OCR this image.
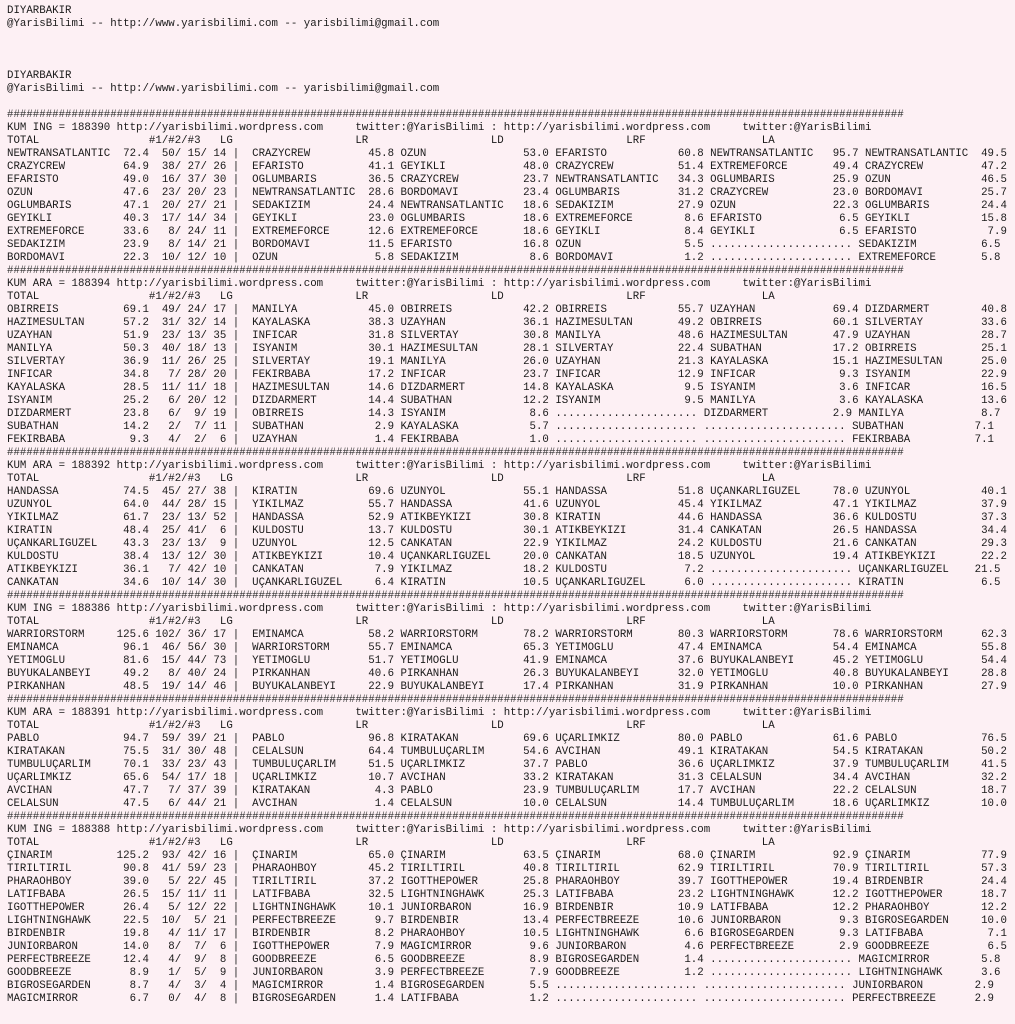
DIYARBAKIR
@YarisBilimi -- http://www.yarisbilimi.com -- yarisbilimi@gmail.com
DIYARBAKIR
@YarisBilimi -- http://www.yarisbilimi.com -- yarisbilimi@gmail.com
###########################################################################################################################################
KUM ING = 188390 http://yarisbilimi.wordpress.com     twitter:@YarisBilimi : http://yarisbilimi.wordpress.com     twitter:@YarisBilimi
TOTAL                 #1/#2/#3   LG                   LR                   LD                   LRF                  LA
NEWTRANSATLANTIC  72.4  50/ 15/ 14 |  CRAZYCREW         45.8 ÖZÜN               53.0 EFARISTO           60.8 NEWTRANSATLANTIC   95.7 NEWTRANSATLANTIC  49.5
CRAZYCREW         64.9  38/ 27/ 26 |  EFARISTO          41.1 GEYIKLI            48.0 CRAZYCREW          51.4 EXTREMEFORCE       49.4 CRAZYCREW         47.2
EFARISTO          49.0  16/ 37/ 30 |  OGLUMBARIS        36.5 CRAZYCREW          23.7 NEWTRANSATLANTIC   34.3 OGLUMBARIS         25.9 ÖZÜN              46.5
ÖZÜN              47.6  23/ 20/ 23 |  NEWTRANSATLANTIC  28.6 BORDOMAVI          23.4 OGLUMBARIS         31.2 CRAZYCREW          23.0 BORDOMAVI         25.7
OGLUMBARIS        47.1  20/ 27/ 21 |  SEDAKIZIM         24.4 NEWTRANSATLANTIC   18.6 SEDAKIZIM          27.9 ÖZÜN               22.3 OGLUMBARIS        24.4
GEYIKLI           40.3  17/ 14/ 34 |  GEYIKLI           23.0 OGLUMBARIS         18.6 EXTREMEFORCE        8.6 EFARISTO            6.5 GEYIKLI           15.8
EXTREMEFORCE      33.6   8/ 24/ 11 |  EXTREMEFORCE      12.6 EXTREMEFORCE       18.6 GEYIKLI             8.4 GEYIKLI             6.5 EFARISTO           7.9
SEDAKIZIM         23.9   8/ 14/ 21 |  BORDOMAVI         11.5 EFARISTO           16.8 ÖZÜN                5.5 ...................... SEDAKIZIM          6.5
BORDOMAVI         22.3  10/ 12/ 10 |  ÖZÜN               5.8 SEDAKIZIM           8.6 BORDOMAVI           1.2 ...................... EXTREMEFORCE       5.8
###########################################################################################################################################
KUM ARA = 188394 http://yarisbilimi.wordpress.com     twitter:@YarisBilimi : http://yarisbilimi.wordpress.com     twitter:@YarisBilimi
TOTAL                 #1/#2/#3   LG                   LR                   LD                   LRF                  LA
OBIRREIS          69.1  49/ 24/ 17 |  MANILYA           45.0 OBIRREIS           42.2 OBIRREIS           55.7 UZAYHAN            69.4 DIZDARMERT        40.8
HAZIMESULTAN      57.2  31/ 32/ 14 |  KAYALASKA         38.3 UZAYHAN            36.1 HAZIMESULTAN       49.2 OBIRREIS           60.1 SILVERTAY         33.6
UZAYHAN           51.9  23/ 13/ 35 |  INFICAR           31.8 SILVERTAY          30.8 MANILYA            48.6 HAZIMESULTAN       47.9 UZAYHAN           28.7
MANILYA           50.3  40/ 18/ 13 |  ISYANIM           30.1 HAZIMESULTAN       28.1 SILVERTAY          22.4 SUBATHAN           17.2 OBIRREIS          25.1
SILVERTAY         36.9  11/ 26/ 25 |  SILVERTAY         19.1 MANILYA            26.0 UZAYHAN            21.3 KAYALASKA          15.1 HAZIMESULTAN      25.0
INFICAR           34.8   7/ 28/ 20 |  FEKIRBABA         17.2 INFICAR            23.7 INFICAR            12.9 INFICAR             9.3 ISYANIM           22.9
KAYALASKA         28.5  11/ 11/ 18 |  HAZIMESULTAN      14.6 DIZDARMERT         14.8 KAYALASKA           9.5 ISYANIM             3.6 INFICAR           16.5
ISYANIM           25.2   6/ 20/ 12 |  DIZDARMERT        14.4 SUBATHAN           12.2 ISYANIM             9.5 MANILYA             3.6 KAYALASKA         13.6
DIZDARMERT        23.8   6/  9/ 19 |  OBIRREIS          14.3 ISYANIM             8.6 ...................... DIZDARMERT          2.9 MANILYA            8.7
SUBATHAN          14.2   2/  7/ 11 |  SUBATHAN           2.9 KAYALASKA           5.7 ...................... ...................... SUBATHAN           7.1
FEKIRBABA          9.3   4/  2/  6 |  UZAYHAN            1.4 FEKIRBABA           1.0 ...................... ...................... FEKIRBABA          7.1
###########################################################################################################################################
KUM ARA = 188392 http://yarisbilimi.wordpress.com     twitter:@YarisBilimi : http://yarisbilimi.wordpress.com     twitter:@YarisBilimi
TOTAL                 #1/#2/#3   LG                   LR                   LD                   LRF                  LA
HANDASSA          74.5  45/ 27/ 38 |  KIRATIN           69.6 UZUNYOL            55.1 HANDASSA           51.8 UÇANKARLIGÜZEL     78.0 UZUNYOL           40.1
UZUNYOL           64.0  44/ 28/ 15 |  YIKILMAZ          55.7 HANDASSA           41.6 UZUNYOL            45.4 YIKILMAZ           47.1 YIKILMAZ          37.9
YIKILMAZ          61.7  23/ 13/ 52 |  HANDASSA          52.9 ATIKBEYKIZI        30.8 KIRATIN            44.6 HANDASSA           36.6 KULDOSTU          37.3
KIRATIN           48.4  25/ 41/  6 |  KULDOSTU          13.7 KULDOSTU           30.1 ATIKBEYKIZI        31.4 CANKATAN           26.5 HANDASSA          34.4
UÇANKARLIGÜZEL    43.3  23/ 13/  9 |  UZUNYOL           12.5 CANKATAN           22.9 YIKILMAZ           24.2 KULDOSTU           21.6 CANKATAN          29.3
KULDOSTU          38.4  13/ 12/ 30 |  ATIKBEYKIZI       10.4 UÇANKARLIGÜZEL     20.0 CANKATAN           18.5 UZUNYOL            19.4 ATIKBEYKIZI       22.2
ATIKBEYKIZI       36.1   7/ 42/ 10 |  CANKATAN           7.9 YIKILMAZ           18.2 KULDOSTU            7.2 ...................... UÇANKARLIGÜZEL    21.5
CANKATAN          34.6  10/ 14/ 30 |  UÇANKARLIGÜZEL     6.4 KIRATIN            10.5 UÇANKARLIGÜZEL      6.0 ...................... KIRATIN            6.5
###########################################################################################################################################
KUM ING = 188386 http://yarisbilimi.wordpress.com     twitter:@YarisBilimi : http://yarisbilimi.wordpress.com     twitter:@YarisBilimi
TOTAL                 #1/#2/#3   LG                   LR                   LD                   LRF                  LA
WARRIORSTORM     125.6 102/ 36/ 17 |  EMINAMCA          58.2 WARRIORSTORM       78.2 WARRIORSTORM       80.3 WARRIORSTORM       78.6 WARRIORSTORM      62.3
EMINAMCA          96.1  46/ 56/ 30 |  WARRIORSTORM      55.7 EMINAMCA           65.3 YETIMOGLU          47.4 EMINAMCA           54.4 EMINAMCA          55.8
YETIMOGLU         81.6  15/ 44/ 73 |  YETIMOGLU         51.7 YETIMOGLU          41.9 EMINAMCA           37.6 BÜYÜKALANBEYI      45.2 YETIMOGLU         54.4
BÜYÜKALANBEYI     49.2   8/ 40/ 24 |  PIRKANHAN         40.6 PIRKANHAN          26.3 BÜYÜKALANBEYI      32.0 YETIMOGLU          40.8 BÜYÜKALANBEYI     28.8
PIRKANHAN         48.5  19/ 14/ 46 |  BÜYÜKALANBEYI     22.9 BÜYÜKALANBEYI      17.4 PIRKANHAN          31.9 PIRKANHAN          10.0 PIRKANHAN         27.9
###########################################################################################################################################
KUM ARA = 188391 http://yarisbilimi.wordpress.com     twitter:@YarisBilimi : http://yarisbilimi.wordpress.com     twitter:@YarisBilimi
TOTAL                 #1/#2/#3   LG                   LR                   LD                   LRF                  LA
PABLO             94.7  59/ 39/ 21 |  PABLO             96.8 KIRATAKAN          69.6 UÇARLIMKIZ         80.0 PABLO              61.6 PABLO             76.5
KIRATAKAN         75.5  31/ 30/ 48 |  CELALSUN          64.4 TUMBULUÇARLIM      54.6 AVCIHAN            49.1 KIRATAKAN          54.5 KIRATAKAN         50.2
TUMBULUÇARLIM     70.1  33/ 23/ 43 |  TUMBULUÇARLIM     51.5 UÇARLIMKIZ         37.7 PABLO              36.6 UÇARLIMKIZ         37.9 TUMBULUÇARLIM     41.5
UÇARLIMKIZ        65.6  54/ 17/ 18 |  UÇARLIMKIZ        10.7 AVCIHAN            33.2 KIRATAKAN          31.3 CELALSUN           34.4 AVCIHAN           32.2
AVCIHAN           47.7   7/ 37/ 39 |  KIRATAKAN          4.3 PABLO              23.9 TUMBULUÇARLIM      17.7 AVCIHAN            22.2 CELALSUN          18.7
CELALSUN          47.5   6/ 44/ 21 |  AVCIHAN            1.4 CELALSUN           10.0 CELALSUN           14.4 TUMBULUÇARLIM      18.6 UÇARLIMKIZ        10.0
###########################################################################################################################################
KUM ING = 188388 http://yarisbilimi.wordpress.com     twitter:@YarisBilimi : http://yarisbilimi.wordpress.com     twitter:@YarisBilimi
TOTAL                 #1/#2/#3   LG                   LR                   LD                   LRF                  LA
ÇINARIM          125.2  93/ 42/ 16 |  ÇINARIM           65.0 ÇINARIM            63.5 ÇINARIM            68.0 ÇINARIM            92.9 ÇINARIM           77.9
TIRILTIRIL        90.8  41/ 59/ 23 |  PHARAOHBOY        45.2 TIRILTIRIL         40.8 TIRILTIRIL         62.9 TIRILTIRIL         70.9 TIRILTIRIL        57.3
PHARAOHBOY        39.0   5/ 22/ 45 |  TIRILTIRIL        37.2 IGOTTHEPOWER       25.8 PHARAOHBOY         39.7 IGOTTHEPOWER       19.4 BIRDENBIR         24.4
LATIFBABA         26.5  15/ 11/ 11 |  LATIFBABA         32.5 LIGHTNINGHAWK      25.3 LATIFBABA          23.2 LIGHTNINGHAWK      12.2 IGOTTHEPOWER      18.7
IGOTTHEPOWER      26.4   5/ 12/ 22 |  LIGHTNINGHAWK     10.1 JUNIORBARON        16.9 BIRDENBIR          10.9 LATIFBABA          12.2 PHARAOHBOY        12.2
LIGHTNINGHAWK     22.5  10/  5/ 21 |  PERFECTBREEZE      9.7 BIRDENBIR          13.4 PERFECTBREEZE      10.6 JUNIORBARON         9.3 BIGROSEGARDEN     10.0
BIRDENBIR         19.8   4/ 11/ 17 |  BIRDENBIR          8.2 PHARAOHBOY         10.5 LIGHTNINGHAWK       6.6 BIGROSEGARDEN       9.3 LATIFBABA          7.1
JUNIORBARON       14.0   8/  7/  6 |  IGOTTHEPOWER       7.9 MAGICMIRROR         9.6 JUNIORBARON         4.6 PERFECTBREEZE       2.9 GOODBREEZE         6.5
PERFECTBREEZE     12.4   4/  9/  8 |  GOODBREEZE         6.5 GOODBREEZE          8.9 BIGROSEGARDEN       1.4 ...................... MAGICMIRROR        5.8
GOODBREEZE         8.9   1/  5/  9 |  JUNIORBARON        3.9 PERFECTBREEZE       7.9 GOODBREEZE          1.2 ...................... LIGHTNINGHAWK      3.6
BIGROSEGARDEN      8.7   4/  3/  4 |  MAGICMIRROR        1.4 BIGROSEGARDEN       5.5 ...................... ...................... JUNIORBARON        2.9
MAGICMIRROR        6.7   0/  4/  8 |  BIGROSEGARDEN      1.4 LATIFBABA           1.2 ...................... ...................... PERFECTBREEZE      2.9
